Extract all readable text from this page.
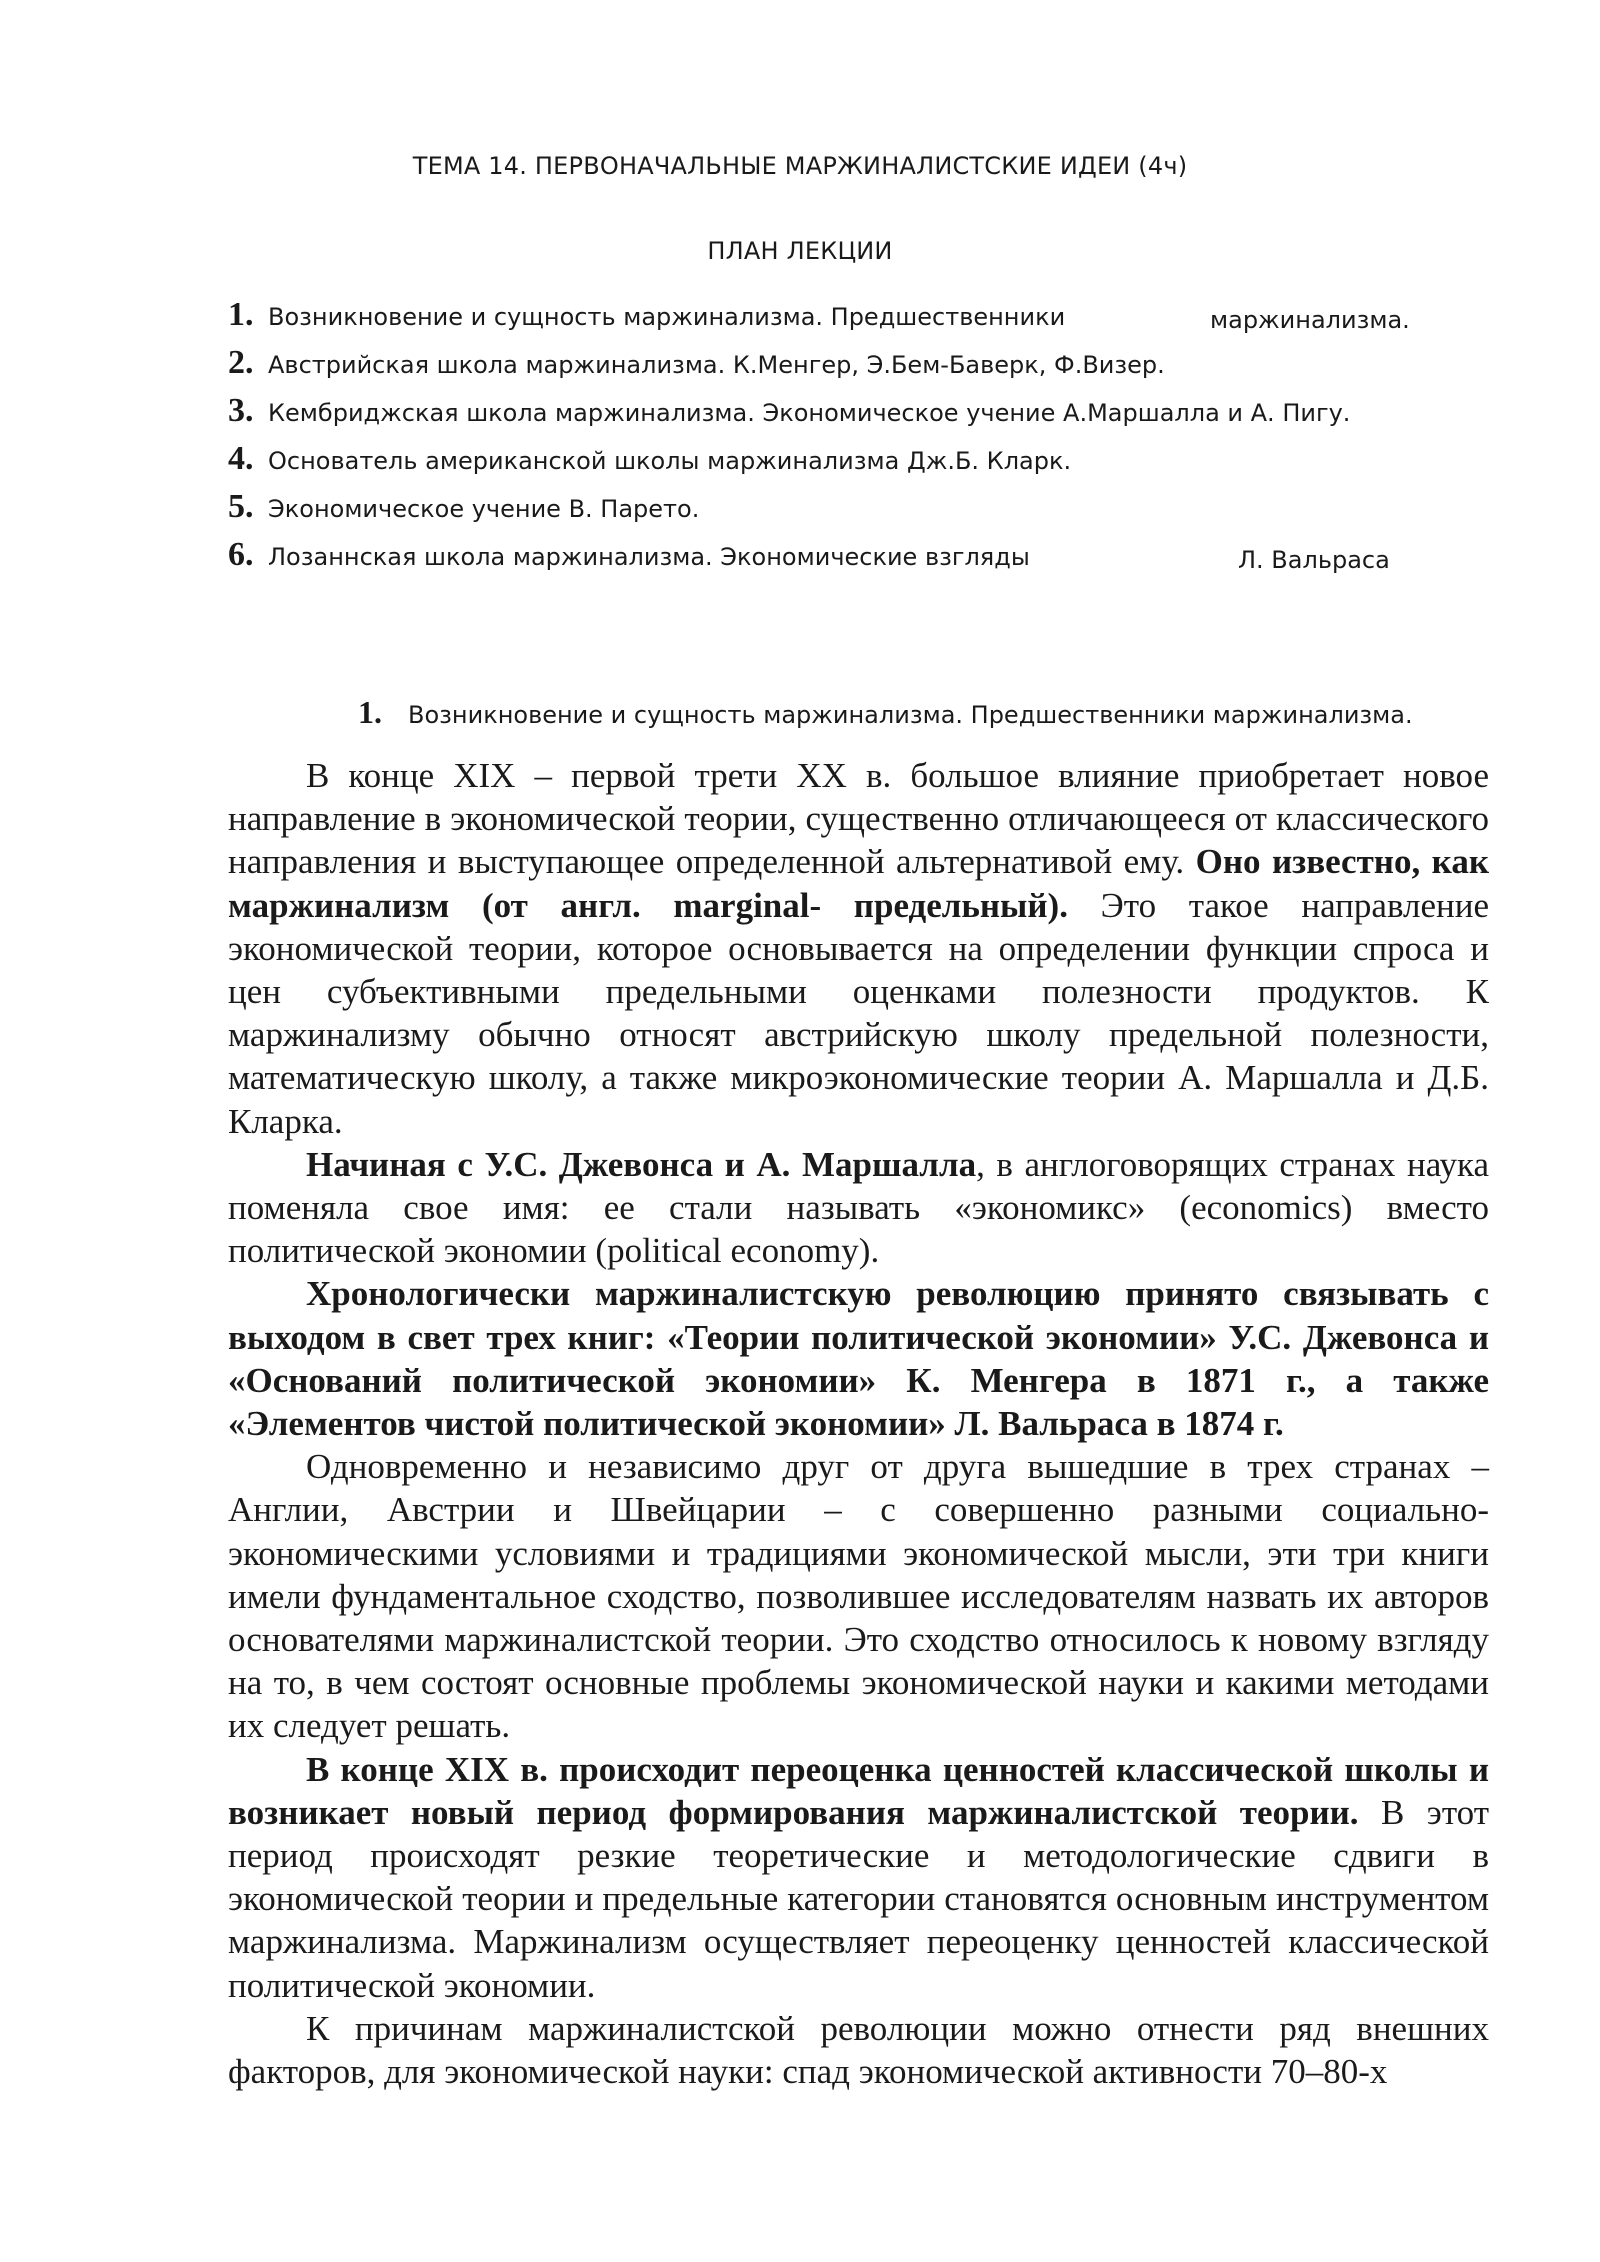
ТЕМА 14. ПЕРВОНАЧАЛЬНЫЕ МАРЖИНАЛИСТСКИЕ ИДЕИ (4ч)
ПЛАН ЛЕКЦИИ
1. Возникновение и сущность маржинализма. Предшественники	маржинализма.
2. Австрийская школа маржинализма. К.Менгер, Э.Бем-Баверк, Ф.Визер.
3. Кембриджская школа маржинализма. Экономическое учение А.Маршалла и А. Пигу.
4. Основатель американской школы маржинализма Дж.Б. Кларк.
5. Экономическое учение В. Парето.
6. Лозаннская школа маржинализма. Экономические взгляды	Л. Вальраса
1. Возникновение и сущность маржинализма. Предшественники маржинализма.

В конце XIX – первой трети XX в. большое влияние приобретает новое направление в экономической теории, существенно отличающееся от классического направления и выступающее определенной альтернативой ему. Оно известно, как маржинализм (от англ. marginal- предельный). Это такое направление экономической теории, которое основывается на определении функции спроса и цен субъективными предельными оценками полезности продуктов. К маржинализму обычно относят австрийскую школу предельной полезности, математическую школу, а также микроэкономические теории А. Маршалла и Д.Б. Кларка.

Начиная с У.С. Джевонса и А. Маршалла, в англоговорящих странах наука поменяла свое имя: ее стали называть «экономикс» (economics) вместо политической экономии (political economy).

Хронологически маржиналистскую революцию принято связывать с выходом в свет трех книг: «Теории политической экономии» У.С. Джевонса и «Оснований политической экономии» К. Менгера в 1871 г., а также «Элементов чистой политической экономии» Л. Вальраса в 1874 г.

Одновременно и независимо друг от друга вышедшие в трех странах – Англии, Австрии и Швейцарии – с совершенно разными социально-экономическими условиями и традициями экономической мысли, эти три книги имели фундаментальное сходство, позволившее исследователям назвать их авторов основателями маржиналистской теории. Это сходство относилось к новому взгляду на то, в чем состоят основные проблемы экономической науки и какими методами их следует решать.

В конце XIX в. происходит переоценка ценностей классической школы и возникает новый период формирования маржиналистской теории. В этот период происходят резкие теоретические и методологические сдвиги в экономической теории и предельные категории становятся основным инструментом маржинализма. Маржинализм осуществляет переоценку ценностей классической политической экономии.

К причинам маржиналистской революции можно отнести ряд внешних факторов, для экономической науки: спад экономической активности 70–80-х
